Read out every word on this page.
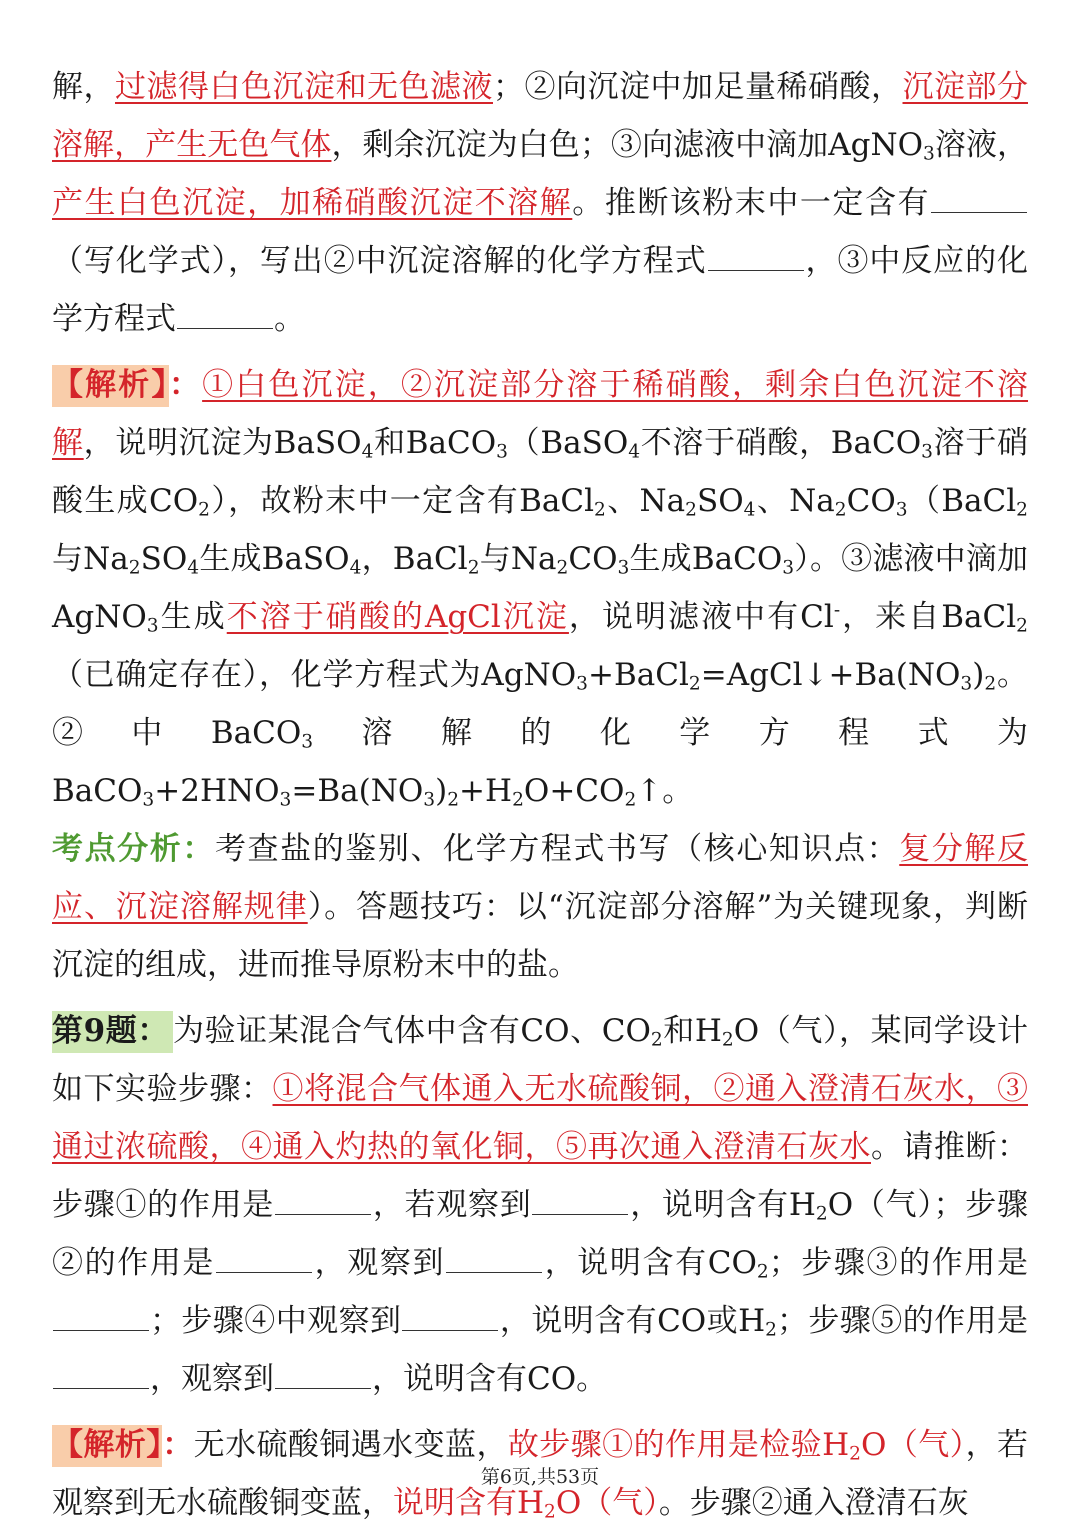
解，过滤得白色沉淀和无色滤液；②向沉淀中加足量稀硝酸，沉淀部分溶解，产生无色气体，剩余沉淀为白色；③向滤液中滴加AgNO$_3$溶液，产生白色沉淀，加稀硝酸沉淀不溶解。推断该粉末中一定含有（写化学式），写出②中沉淀溶解的化学方程式	，③中反应的化学方程式	。

【解析】：①白色沉淀，②沉淀部分溶于稀硝酸，剩余白色沉淀不溶解，说明沉淀为BaSO$_4$和BaCO$_3$（BaSO$_4$不溶于硝酸，BaCO$_3$溶于硝酸生成$CO_2$），故粉末中一定含有BaCl$_2$、$Na_2SO_4$、$Na_2CO_3(BaCl_2$与$Na_2SO_4$生成BaSO$_4$，BaCl$_2$与$Na_2CO_3$生成BaCO$_3$）。③滤液中滴加AgNO$_3$生成不溶于硝酸的AgCl沉淀，说明滤液中有Cl-，来自BaCl$_2$（已确定存在），化学方程式为$AgNO_3+BaCl_2=AgCl↓+Ba(NO_3)_2$。②中BaCO$_3$溶解的化学方程式为$BaCO_3+2HNO_3=Ba(NO_3)_2+H_2O+CO_2↑$。

考点分析：考查盐的鉴别、化学方程式书写（核心知识点：复分解反应、沉淀溶解规律）。答题技巧：以“沉淀部分溶解”为关键现象，判断沉淀的组成，进而推导原粉末中的盐。

第9题： 为验证某混合气体中含有CO、$CO_2$和$H_2O$（气），某同学设计如下实验步骤：①将混合气体通入无水硫酸铜，②通入澄清石灰水，③通过浓硫酸，④通入灼热的氧化铜，⑤再次通入澄清石灰水。请推断：步骤①的作用是	，若观察到	，说明含有$H_2O$（气）；步骤②的作用是	，观察到	，说明含有$CO_2$；步骤③的作用是；步骤④中观察到	，说明含有CO或$H_2$；步骤⑤的作用是，观察到	，说明含有CO。

【解析】：无水硫酸铜遇水变蓝，故步骤①的作用是检验$H_2O$（气），若观察到无水硫酸铜变蓝，说明含有$H_2O$（气）。步骤②通入澄清石灰

第6页,共53页
